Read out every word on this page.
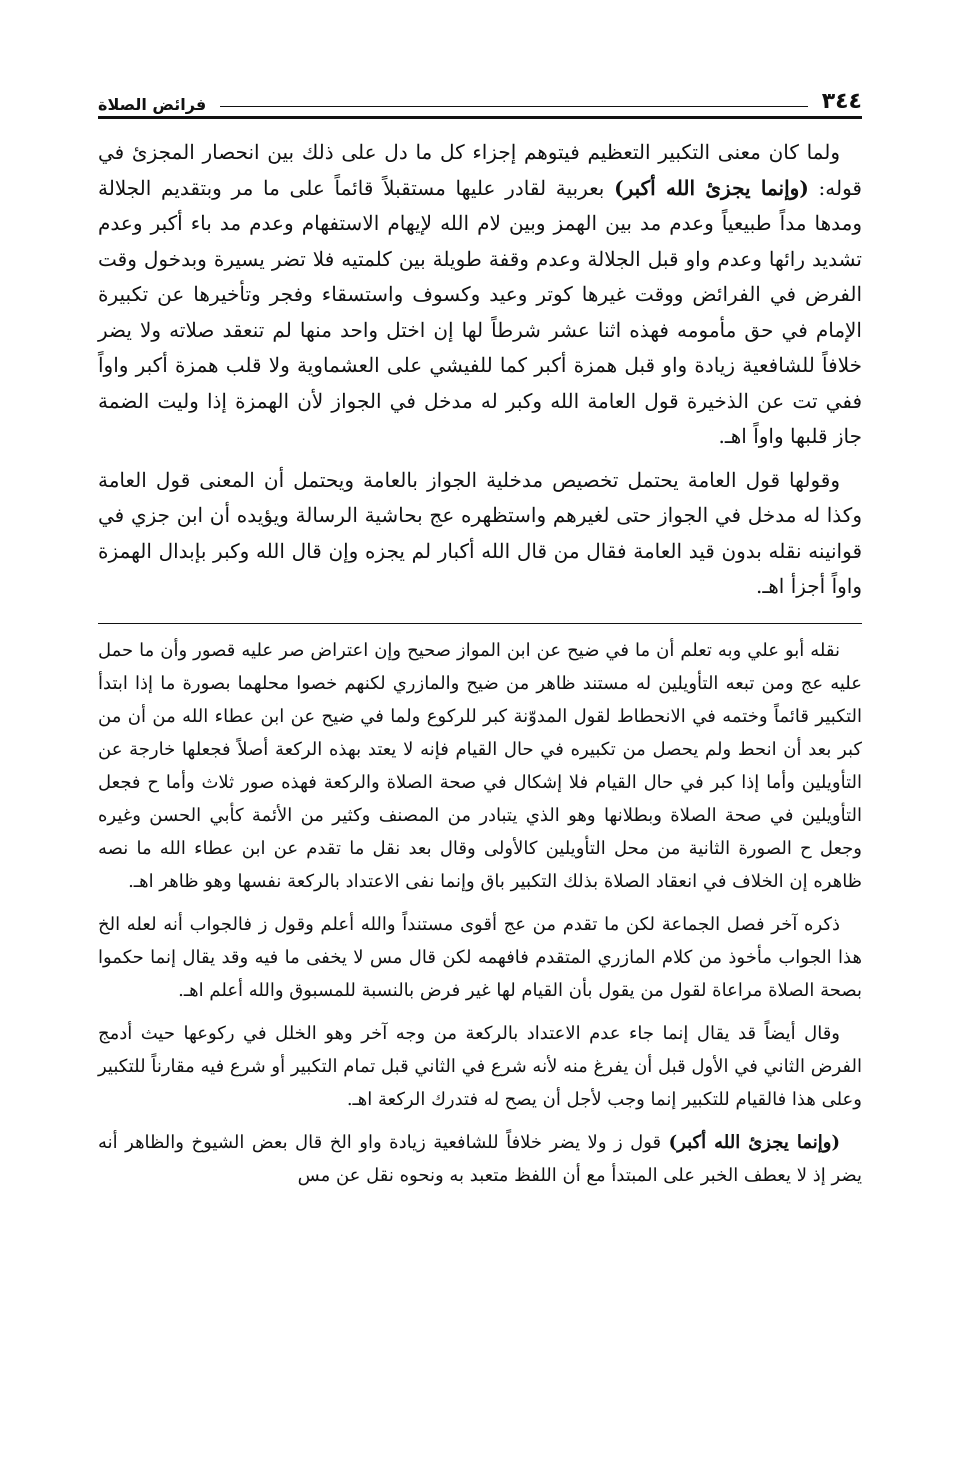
٣٤٤
فرائض الصلاة

ولما كان معنى التكبير التعظيم فيتوهم إجزاء كل ما دل على ذلك بين انحصار المجزئ في قوله: (وإنما يجزئ الله أكبر) بعربية لقادر عليها مستقبلاً قائماً على ما مر وبتقديم الجلالة ومدها مداً طبيعياً وعدم مد بين الهمز وبين لام الله لإيهام الاستفهام وعدم مد باء أكبر وعدم تشديد رائها وعدم واو قبل الجلالة وعدم وقفة طويلة بين كلمتيه فلا تضر يسيرة وبدخول وقت الفرض في الفرائض ووقت غيرها كوتر وعيد وكسوف واستسقاء وفجر وتأخيرها عن تكبيرة الإمام في حق مأمومه فهذه اثنا عشر شرطاً لها إن اختل واحد منها لم تنعقد صلاته ولا يضر خلافاً للشافعية زيادة واو قبل همزة أكبر كما للفيشي على العشماوية ولا قلب همزة أكبر واواً ففي تت عن الذخيرة قول العامة الله وكبر له مدخل في الجواز لأن الهمزة إذا وليت الضمة جاز قلبها واواً اهـ.

وقولها قول العامة يحتمل تخصيص مدخلية الجواز بالعامة ويحتمل أن المعنى قول العامة وكذا له مدخل في الجواز حتى لغيرهم واستظهره عج بحاشية الرسالة ويؤيده أن ابن جزي في قوانينه نقله بدون قيد العامة فقال من قال الله أكبار لم يجزه وإن قال الله وكبر بإبدال الهمزة واواً أجزأ اهـ.

نقله أبو علي وبه تعلم أن ما في ضيح عن ابن المواز صحيح وإن اعتراض صر عليه قصور وأن ما حمل عليه عج ومن تبعه التأويلين له مستند ظاهر من ضيح والمازري لكنهم خصوا محلهما بصورة ما إذا ابتدأ التكبير قائماً وختمه في الانحطاط لقول المدوّنة كبر للركوع ولما في ضيح عن ابن عطاء الله من أن من كبر بعد أن انحط ولم يحصل من تكبيره في حال القيام فإنه لا يعتد بهذه الركعة أصلاً فجعلها خارجة عن التأويلين وأما إذا كبر في حال القيام فلا إشكال في صحة الصلاة والركعة فهذه صور ثلاث وأما ح فجعل التأويلين في صحة الصلاة وبطلانها وهو الذي يتبادر من المصنف وكثير من الأئمة كأبي الحسن وغيره وجعل ح الصورة الثانية من محل التأويلين كالأولى وقال بعد نقل ما تقدم عن ابن عطاء الله ما نصه ظاهره إن الخلاف في انعقاد الصلاة بذلك التكبير باق وإنما نفى الاعتداد بالركعة نفسها وهو ظاهر اهـ.

ذكره آخر فصل الجماعة لكن ما تقدم من عج أقوى مستنداً والله أعلم وقول ز فالجواب أنه لعله الخ هذا الجواب مأخوذ من كلام المازري المتقدم فافهمه لكن قال مس لا يخفى ما فيه وقد يقال إنما حكموا بصحة الصلاة مراعاة لقول من يقول بأن القيام لها غير فرض بالنسبة للمسبوق والله أعلم اهـ.

وقال أيضاً قد يقال إنما جاء عدم الاعتداد بالركعة من وجه آخر وهو الخلل في ركوعها حيث أدمج الفرض الثاني في الأول قبل أن يفرغ منه لأنه شرع في الثاني قبل تمام التكبير أو شرع فيه مقارناً للتكبير وعلى هذا فالقيام للتكبير إنما وجب لأجل أن يصح له فتدرك الركعة اهـ.

(وإنما يجزئ الله أكبر) قول ز ولا يضر خلافاً للشافعية زيادة واو الخ قال بعض الشيوخ والظاهر أنه يضر إذ لا يعطف الخبر على المبتدأ مع أن اللفظ متعبد به ونحوه نقل عن مس
